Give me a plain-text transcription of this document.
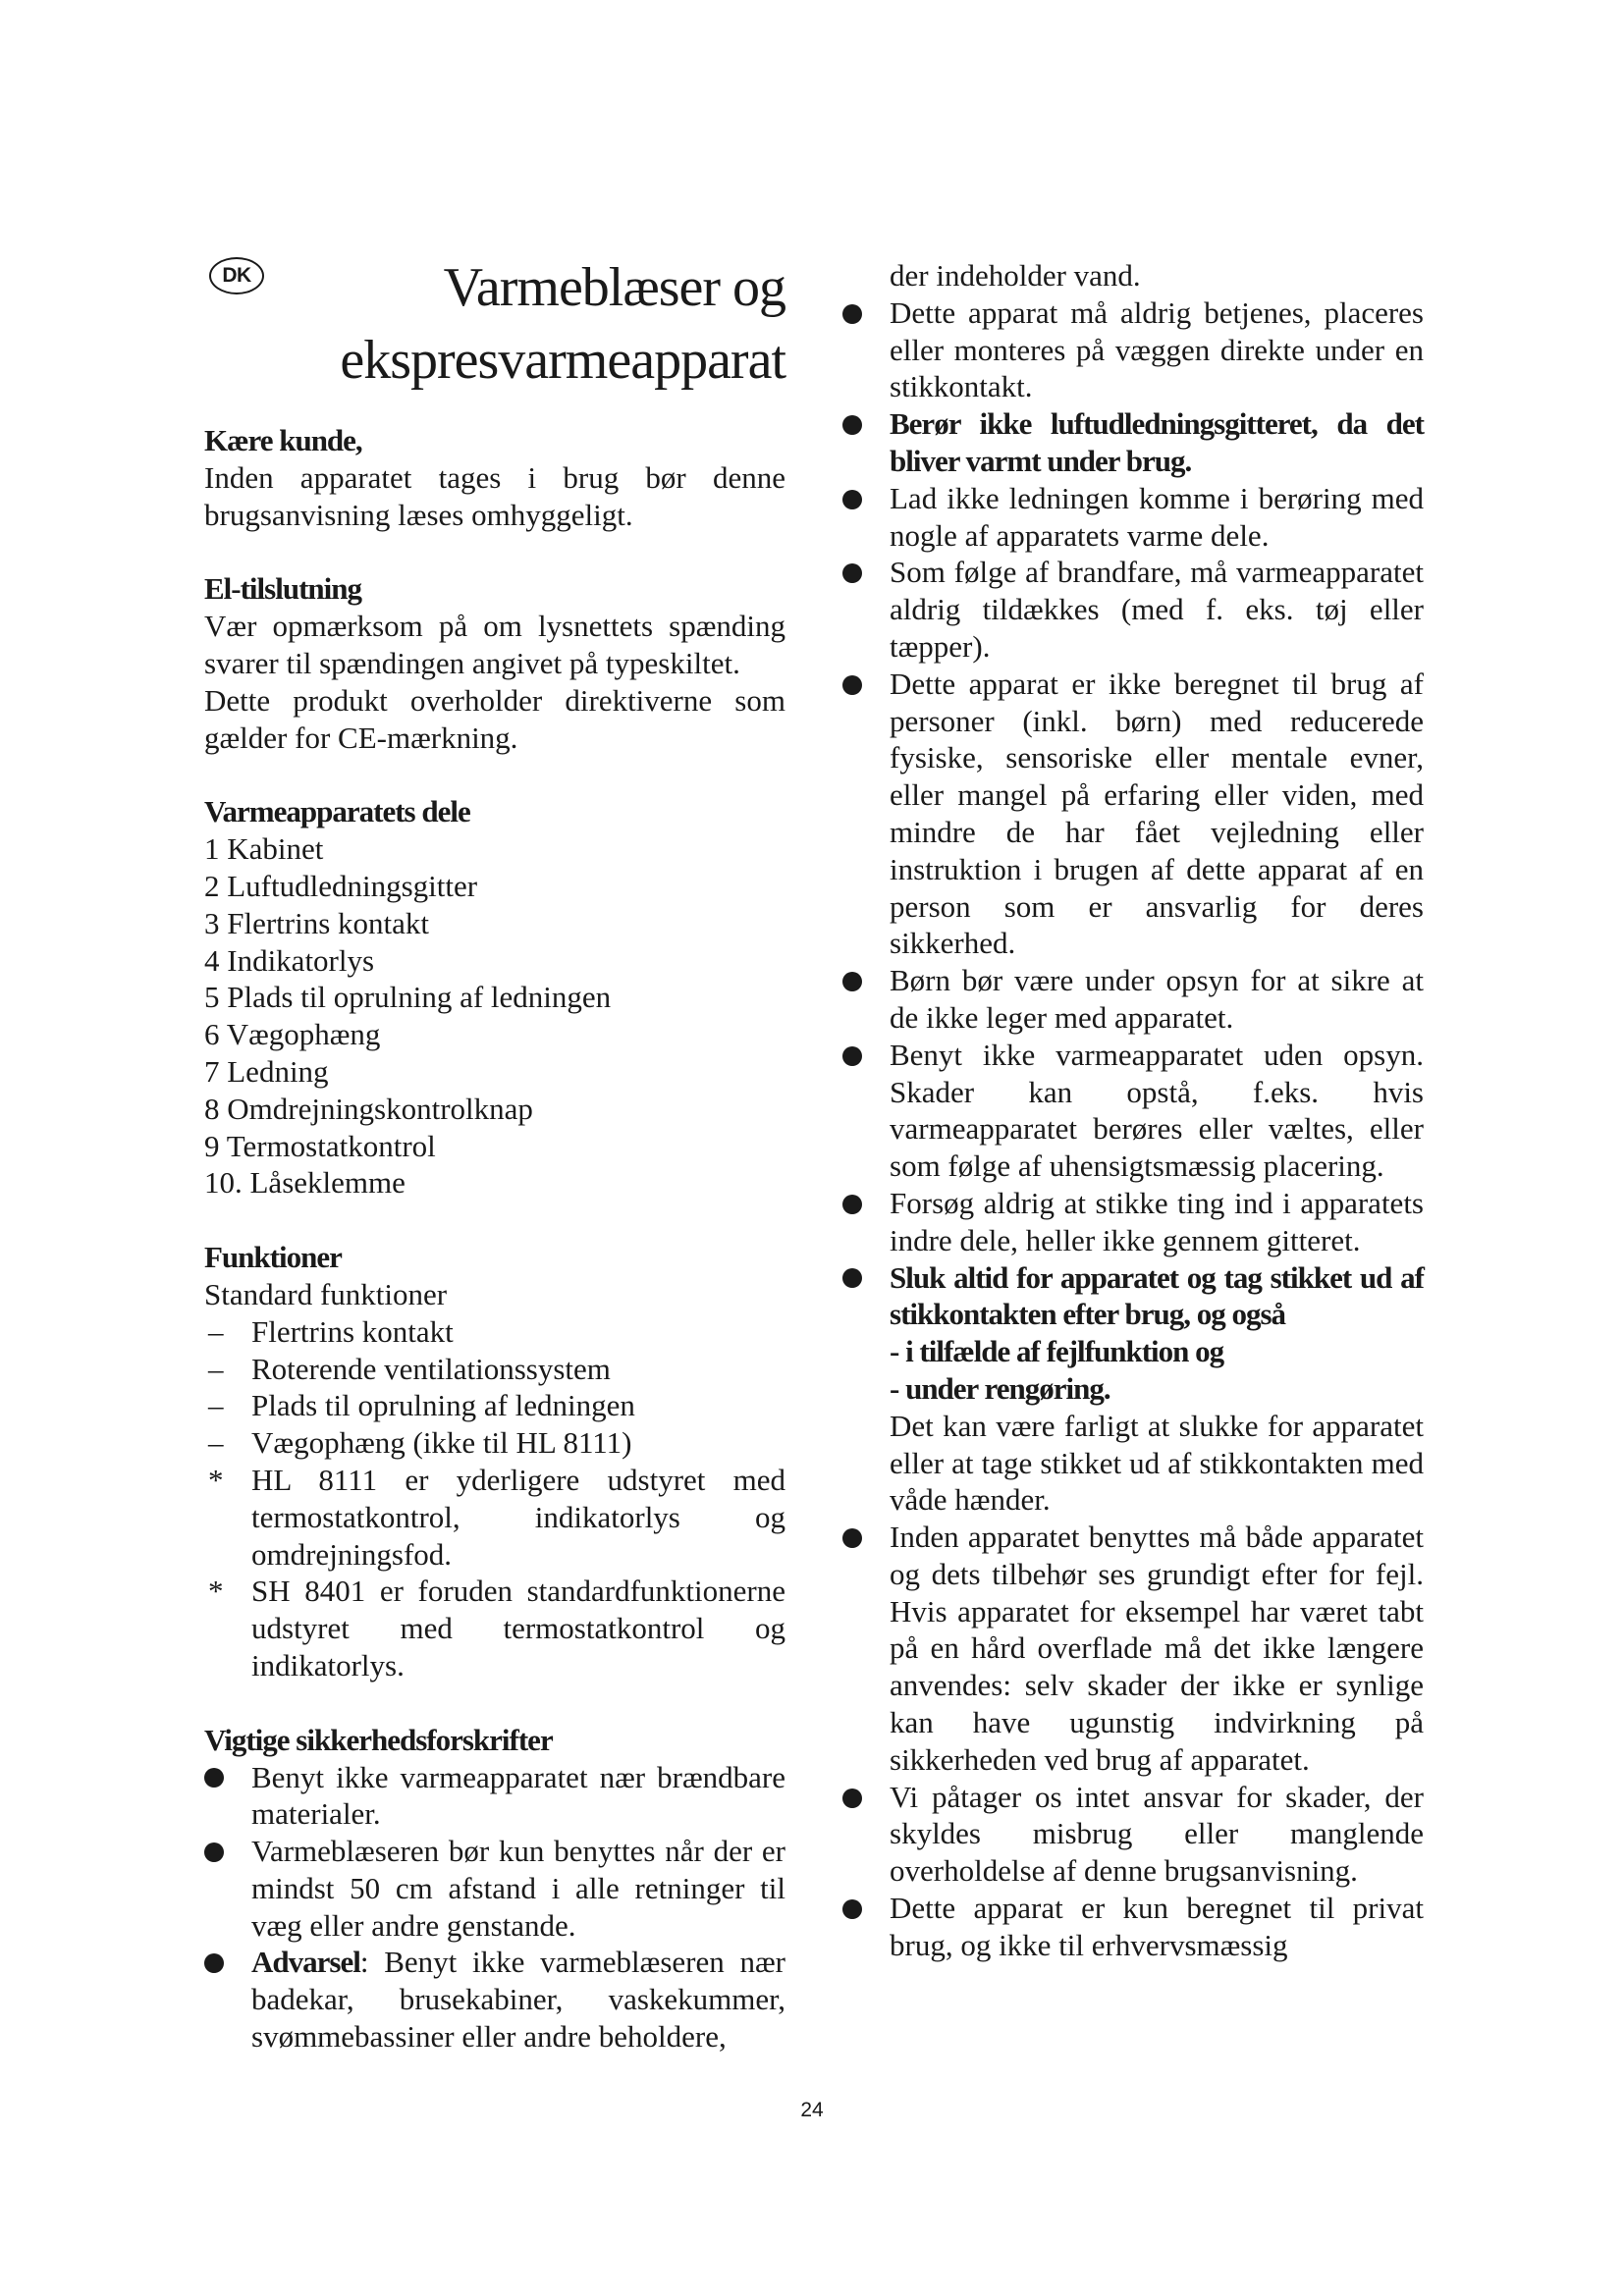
DK	Varmeblæser og
ekspresvarmeapparat

Kære kunde,

Inden apparatet tages i brug bør denne brugsanvisning læses omhyggeligt.

El-tilslutning

Vær opmærksom på om lysnettets spænding svarer til spændingen angivet på typeskiltet.

Dette produkt overholder direktiverne som gælder for CE-mærkning.

Varmeapparatets dele

1 Kabinet
2 Luftudledningsgitter
3 Flertrins kontakt
4 Indikatorlys
5 Plads til oprulning af ledningen
6 Vægophæng
7 Ledning
8 Omdrejningskontrolknap
9 Termostatkontrol
10. Låseklemme

Funktioner

Standard funktioner

– Flertrins kontakt
– Roterende ventilationssystem
– Plads til oprulning af ledningen
– Vægophæng (ikke til HL 8111)
* HL 8111 er yderligere udstyret med termostatkontrol, indikatorlys og omdrejningsfod.
* SH 8401 er foruden standardfunktionerne udstyret med termostatkontrol og indikatorlys.

Vigtige sikkerhedsforskrifter

Benyt ikke varmeapparatet nær brændbare materialer.
Varmeblæseren bør kun benyttes når der er mindst 50 cm afstand i alle retninger til væg eller andre genstande.
Advarsel: Benyt ikke varmeblæseren nær badekar, brusekabiner, vaskekummer, svømmebassiner eller andre beholdere,
der indeholder vand.
Dette apparat må aldrig betjenes, placeres eller monteres på væggen direkte under en stikkontakt.
Berør ikke luftudledningsgitteret, da det bliver varmt under brug.
Lad ikke ledningen komme i berøring med nogle af apparatets varme dele.
Som følge af brandfare, må varmeapparatet aldrig tildækkes (med f. eks. tøj eller tæpper).
Dette apparat er ikke beregnet til brug af personer (inkl. børn) med reducerede fysiske, sensoriske eller mentale evner, eller mangel på erfaring eller viden, med mindre de har fået vejledning eller instruktion i brugen af dette apparat af en person som er ansvarlig for deres sikkerhed.
Børn bør være under opsyn for at sikre at de ikke leger med apparatet.
Benyt ikke varmeapparatet uden opsyn. Skader kan opstå, f.eks. hvis varmeapparatet berøres eller væltes, eller som følge af uhensigtsmæssig placering.
Forsøg aldrig at stikke ting ind i apparatets indre dele, heller ikke gennem gitteret.
Sluk altid for apparatet og tag stikket ud af stikkontakten efter brug, og også
- i tilfælde af fejlfunktion og
- under rengøring.
Det kan være farligt at slukke for apparatet eller at tage stikket ud af stikkontakten med våde hænder.
Inden apparatet benyttes må både apparatet og dets tilbehør ses grundigt efter for fejl. Hvis apparatet for eksempel har været tabt på en hård overflade må det ikke længere anvendes: selv skader der ikke er synlige kan have ugunstig indvirkning på sikkerheden ved brug af apparatet.
Vi påtager os intet ansvar for skader, der skyldes misbrug eller manglende overholdelse af denne brugsanvisning.
Dette apparat er kun beregnet til privat brug, og ikke til erhvervsmæssig
24
